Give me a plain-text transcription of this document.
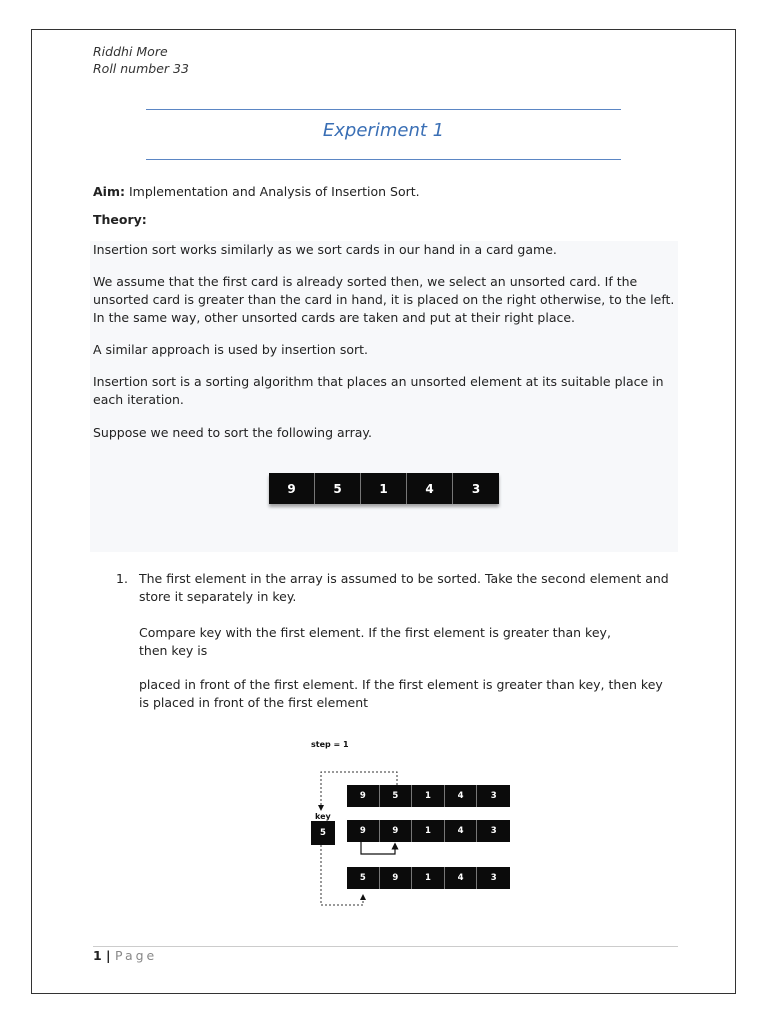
Riddhi More
Roll number 33
Experiment 1
Aim: Implementation and Analysis of Insertion Sort.
Theory:
Insertion sort works similarly as we sort cards in our hand in a card game.
We assume that the first card is already sorted then, we select an unsorted card. If the
unsorted card is greater than the card in hand, it is placed on the right otherwise, to the left.
In the same way, other unsorted cards are taken and put at their right place.
A similar approach is used by insertion sort.
Insertion sort is a sorting algorithm that places an unsorted element at its suitable place in
each iteration.
Suppose we need to sort the following array.
9	5	1	4	3
1. The first element in the array is assumed to be sorted. Take the second element and
store it separately in key.
Compare key with the first element. If the first element is greater than key,
then key is
placed in front of the first element. If the first element is greater than key, then key
is placed in front of the first element
step = 1
key
5
9	5	1	4	3
9	9	1	4	3
5	9	1	4	3
1 | Page
